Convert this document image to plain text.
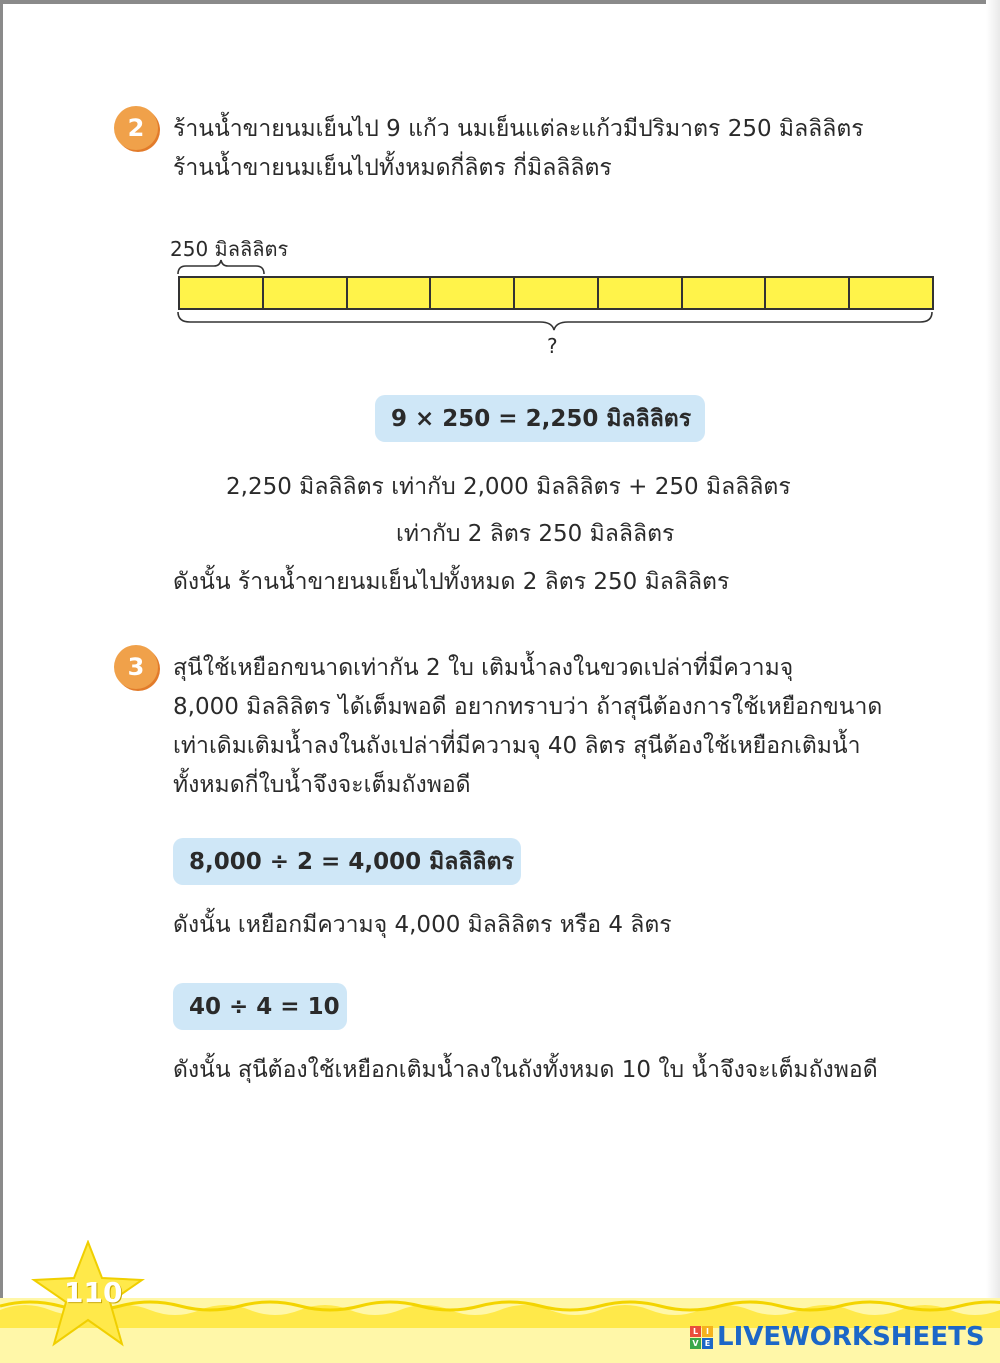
2	ร้านน้ำขายนมเย็นไป 9 แก้ว นมเย็นแต่ละแก้วมีปริมาตร 250 มิลลิลิตร
ร้านน้ำขายนมเย็นไปทั้งหมดกี่ลิตร กี่มิลลิลิตร
250 มิลลิลิตร
?
9 × 250 = 2,250 มิลลิลิตร
2,250 มิลลิลิตร เท่ากับ 2,000 มิลลิลิตร + 250 มิลลิลิตร
เท่ากับ 2 ลิตร 250 มิลลิลิตร
ดังนั้น ร้านน้ำขายนมเย็นไปทั้งหมด 2 ลิตร 250 มิลลิลิตร
3	สุนีใช้เหยือกขนาดเท่ากัน 2 ใบ เติมน้ำลงในขวดเปล่าที่มีความจุ
8,000 มิลลิลิตร ได้เต็มพอดี อยากทราบว่า ถ้าสุนีต้องการใช้เหยือกขนาด
เท่าเดิมเติมน้ำลงในถังเปล่าที่มีความจุ 40 ลิตร สุนีต้องใช้เหยือกเติมน้ำ
ทั้งหมดกี่ใบน้ำจึงจะเต็มถังพอดี
8,000 ÷ 2 = 4,000 มิลลิลิตร
ดังนั้น เหยือกมีความจุ 4,000 มิลลิลิตร หรือ 4 ลิตร
40 ÷ 4 = 10
ดังนั้น สุนีต้องใช้เหยือกเติมน้ำลงในถังทั้งหมด 10 ใบ น้ำจึงจะเต็มถังพอดี
110
L I
V E LIVEWORKSHEETS
